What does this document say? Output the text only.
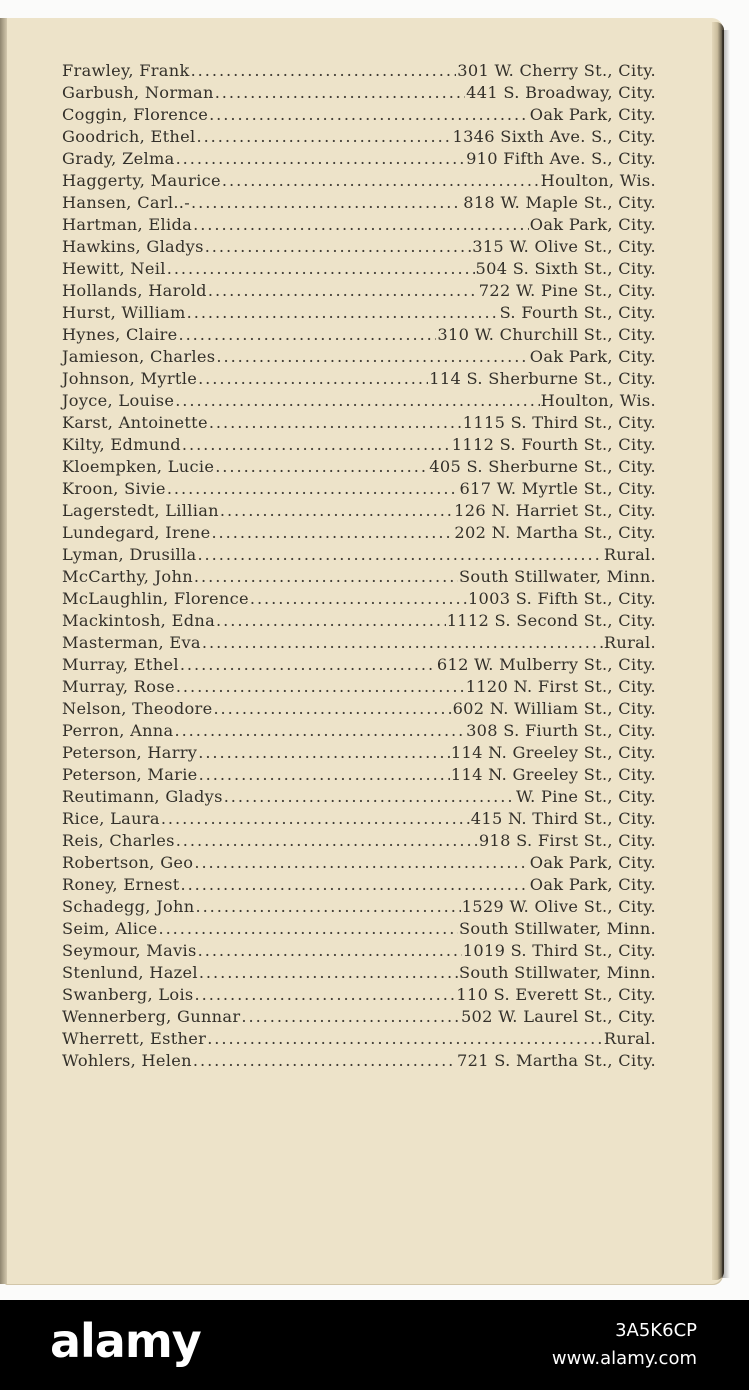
Frawley, Frank . . .	301 W. Cherry St., City.
Garbush, Norman . . .	441 S. Broadway, City.
Coggin, Florence . . .	Oak Park, City.
Goodrich, Ethel . . .	1346 Sixth Ave. S., City.
Grady, Zelma . . .	910 Fifth Ave. S., City.
Haggerty, Maurice . . .	Houlton, Wis.
Hansen, Carl..- . . .	818 W. Maple St., City.
Hartman, Elida . . .	Oak Park, City.
Hawkins, Gladys . . .	315 W. Olive St., City.
Hewitt, Neil . . .	504 S. Sixth St., City.
Hollands, Harold . . .	722 W. Pine St., City.
Hurst, William . . .	S. Fourth St., City.
Hynes, Claire . . .	310 W. Churchill St., City.
Jamieson, Charles . . .	Oak Park, City.
Johnson, Myrtle . . .	114 S. Sherburne St., City.
Joyce, Louise . . .	Houlton, Wis.
Karst, Antoinette . . .	1115 S. Third St., City.
Kilty, Edmund . . .	1112 S. Fourth St., City.
Kloempken, Lucie . . .	405 S. Sherburne St., City.
Kroon, Sivie . . .	617 W. Myrtle St., City.
Lagerstedt, Lillian . . .	126 N. Harriet St., City.
Lundegard, Irene . . .	202 N. Martha St., City.
Lyman, Drusilla . . .	Rural.
McCarthy, John . . .	South Stillwater, Minn.
McLaughlin, Florence . . .	1003 S. Fifth St., City.
Mackintosh, Edna . . .	1112 S. Second St., City.
Masterman, Eva . . .	Rural.
Murray, Ethel . . .	612 W. Mulberry St., City.
Murray, Rose . . .	1120 N. First St., City.
Nelson, Theodore . . .	602 N. William St., City.
Perron, Anna . . .	308 S. Fiurth St., City.
Peterson, Harry . . .	114 N. Greeley St., City.
Peterson, Marie . . .	114 N. Greeley St., City.
Reutimann, Gladys . . .	W. Pine St., City.
Rice, Laura . . .	415 N. Third St., City.
Reis, Charles . . .	918 S. First St., City.
Robertson, Geo . . .	Oak Park, City.
Roney, Ernest . . .	Oak Park, City.
Schadegg, John . . .	1529 W. Olive St., City.
Seim, Alice . . .	South Stillwater, Minn.
Seymour, Mavis . . .	1019 S. Third St., City.
Stenlund, Hazel . . .	South Stillwater, Minn.
Swanberg, Lois . . .	110 S. Everett St., City.
Wennerberg, Gunnar . . .	502 W. Laurel St., City.
Wherrett, Esther . . .	Rural.
Wohlers, Helen . . .	721 S. Martha St., City.
alamy	3A5K6CP
www.alamy.com
